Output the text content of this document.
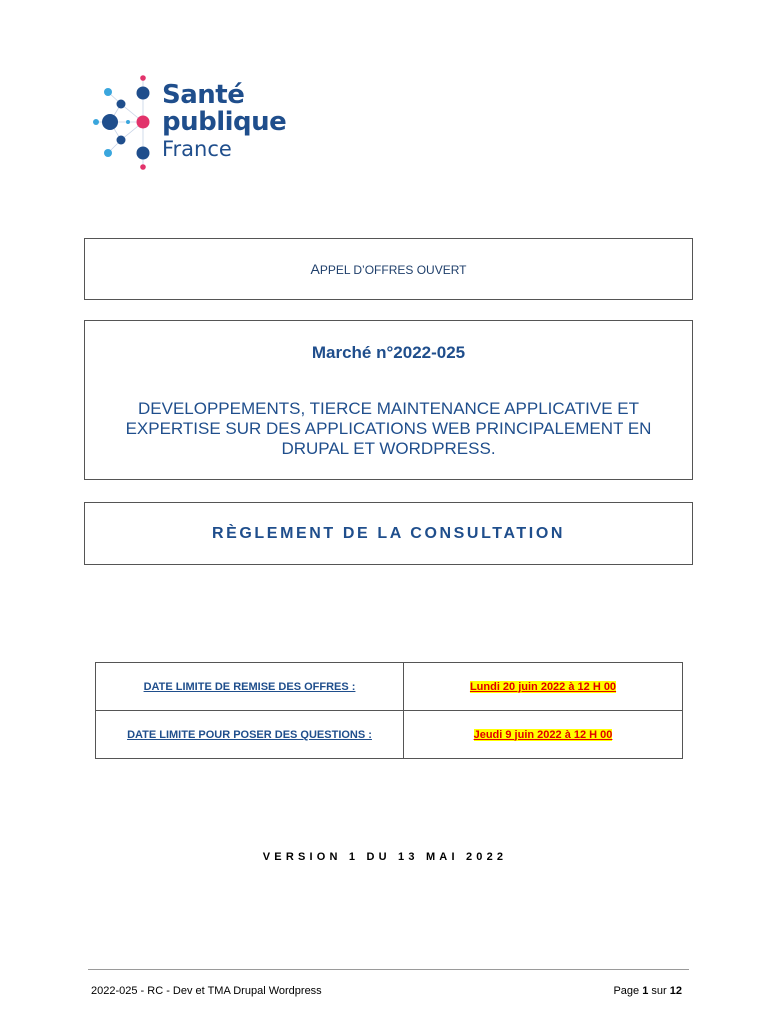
Santé
publique
France
APPEL D’OFFRES OUVERT
Marché n°2022-025
DEVELOPPEMENTS, TIERCE MAINTENANCE APPLICATIVE ET EXPERTISE SUR DES APPLICATIONS WEB PRINCIPALEMENT EN DRUPAL ET WORDPRESS.
RÈGLEMENT DE LA CONSULTATION
DATE LIMITE DE REMISE DES OFFRES :	Lundi 20 juin 2022 à 12 H 00
DATE LIMITE POUR POSER DES QUESTIONS :	Jeudi 9 juin 2022 à 12 H 00
VERSION 1 DU 13 MAI 2022
2022-025 - RC - Dev et TMA Drupal Wordpress	Page 1 sur 12
